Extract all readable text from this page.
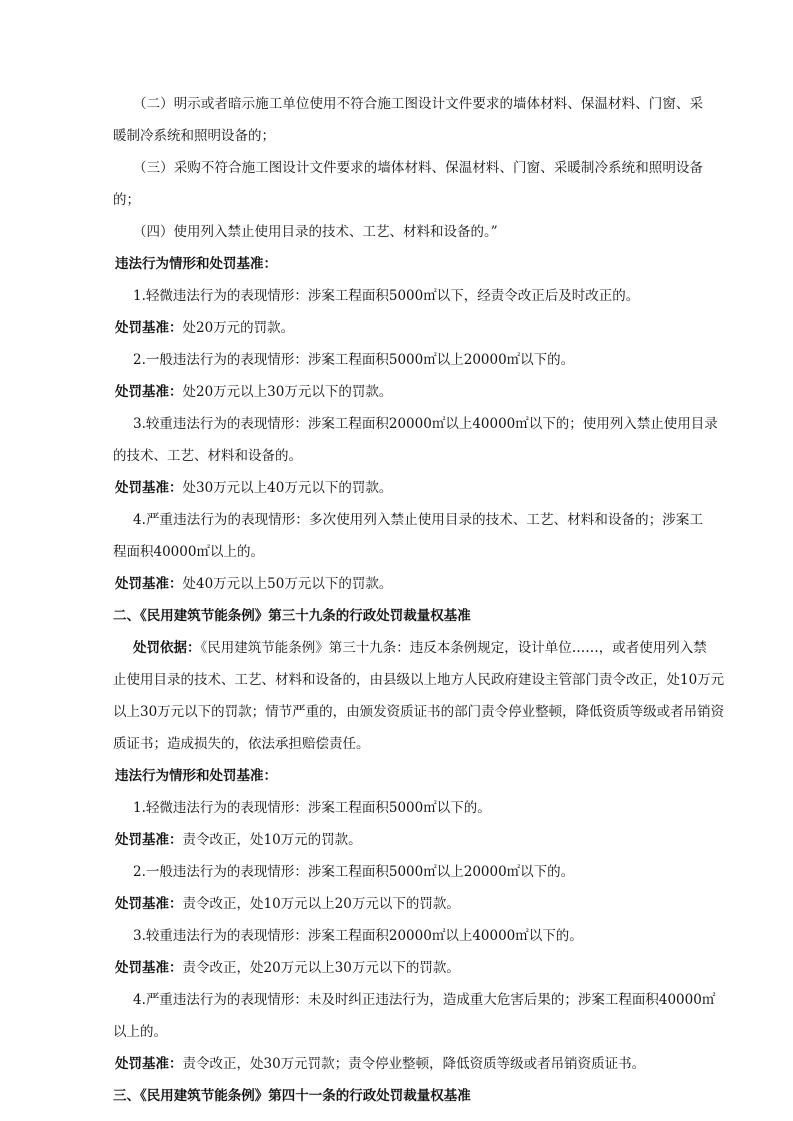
（二）明示或者暗示施工单位使用不符合施工图设计文件要求的墙体材料、保温材料、门窗、采
暖制冷系统和照明设备的；
（三）采购不符合施工图设计文件要求的墙体材料、保温材料、门窗、采暖制冷系统和照明设备
的；
（四）使用列入禁止使用目录的技术、工艺、材料和设备的。”
违法行为情形和处罚基准：
1.轻微违法行为的表现情形：涉案工程面积5000㎡以下，经责令改正后及时改正的。
处罚基准：处20万元的罚款。
2.一般违法行为的表现情形：涉案工程面积5000㎡以上20000㎡以下的。
处罚基准：处20万元以上30万元以下的罚款。
3.较重违法行为的表现情形：涉案工程面积20000㎡以上40000㎡以下的；使用列入禁止使用目录
的技术、工艺、材料和设备的。
处罚基准：处30万元以上40万元以下的罚款。
4.严重违法行为的表现情形：多次使用列入禁止使用目录的技术、工艺、材料和设备的；涉案工
程面积40000㎡以上的。
处罚基准：处40万元以上50万元以下的罚款。
二、《民用建筑节能条例》第三十九条的行政处罚裁量权基准
处罚依据：《民用建筑节能条例》第三十九条：违反本条例规定，设计单位……，或者使用列入禁
止使用目录的技术、工艺、材料和设备的，由县级以上地方人民政府建设主管部门责令改正，处10万元
以上30万元以下的罚款；情节严重的，由颁发资质证书的部门责令停业整顿，降低资质等级或者吊销资
质证书；造成损失的，依法承担赔偿责任。
违法行为情形和处罚基准：
1.轻微违法行为的表现情形：涉案工程面积5000㎡以下的。
处罚基准：责令改正，处10万元的罚款。
2.一般违法行为的表现情形：涉案工程面积5000㎡以上20000㎡以下的。
处罚基准：责令改正，处10万元以上20万元以下的罚款。
3.较重违法行为的表现情形：涉案工程面积20000㎡以上40000㎡以下的。
处罚基准：责令改正，处20万元以上30万元以下的罚款。
4.严重违法行为的表现情形：未及时纠正违法行为，造成重大危害后果的；涉案工程面积40000㎡
以上的。
处罚基准：责令改正，处30万元罚款；责令停业整顿，降低资质等级或者吊销资质证书。
三、《民用建筑节能条例》第四十一条的行政处罚裁量权基准
